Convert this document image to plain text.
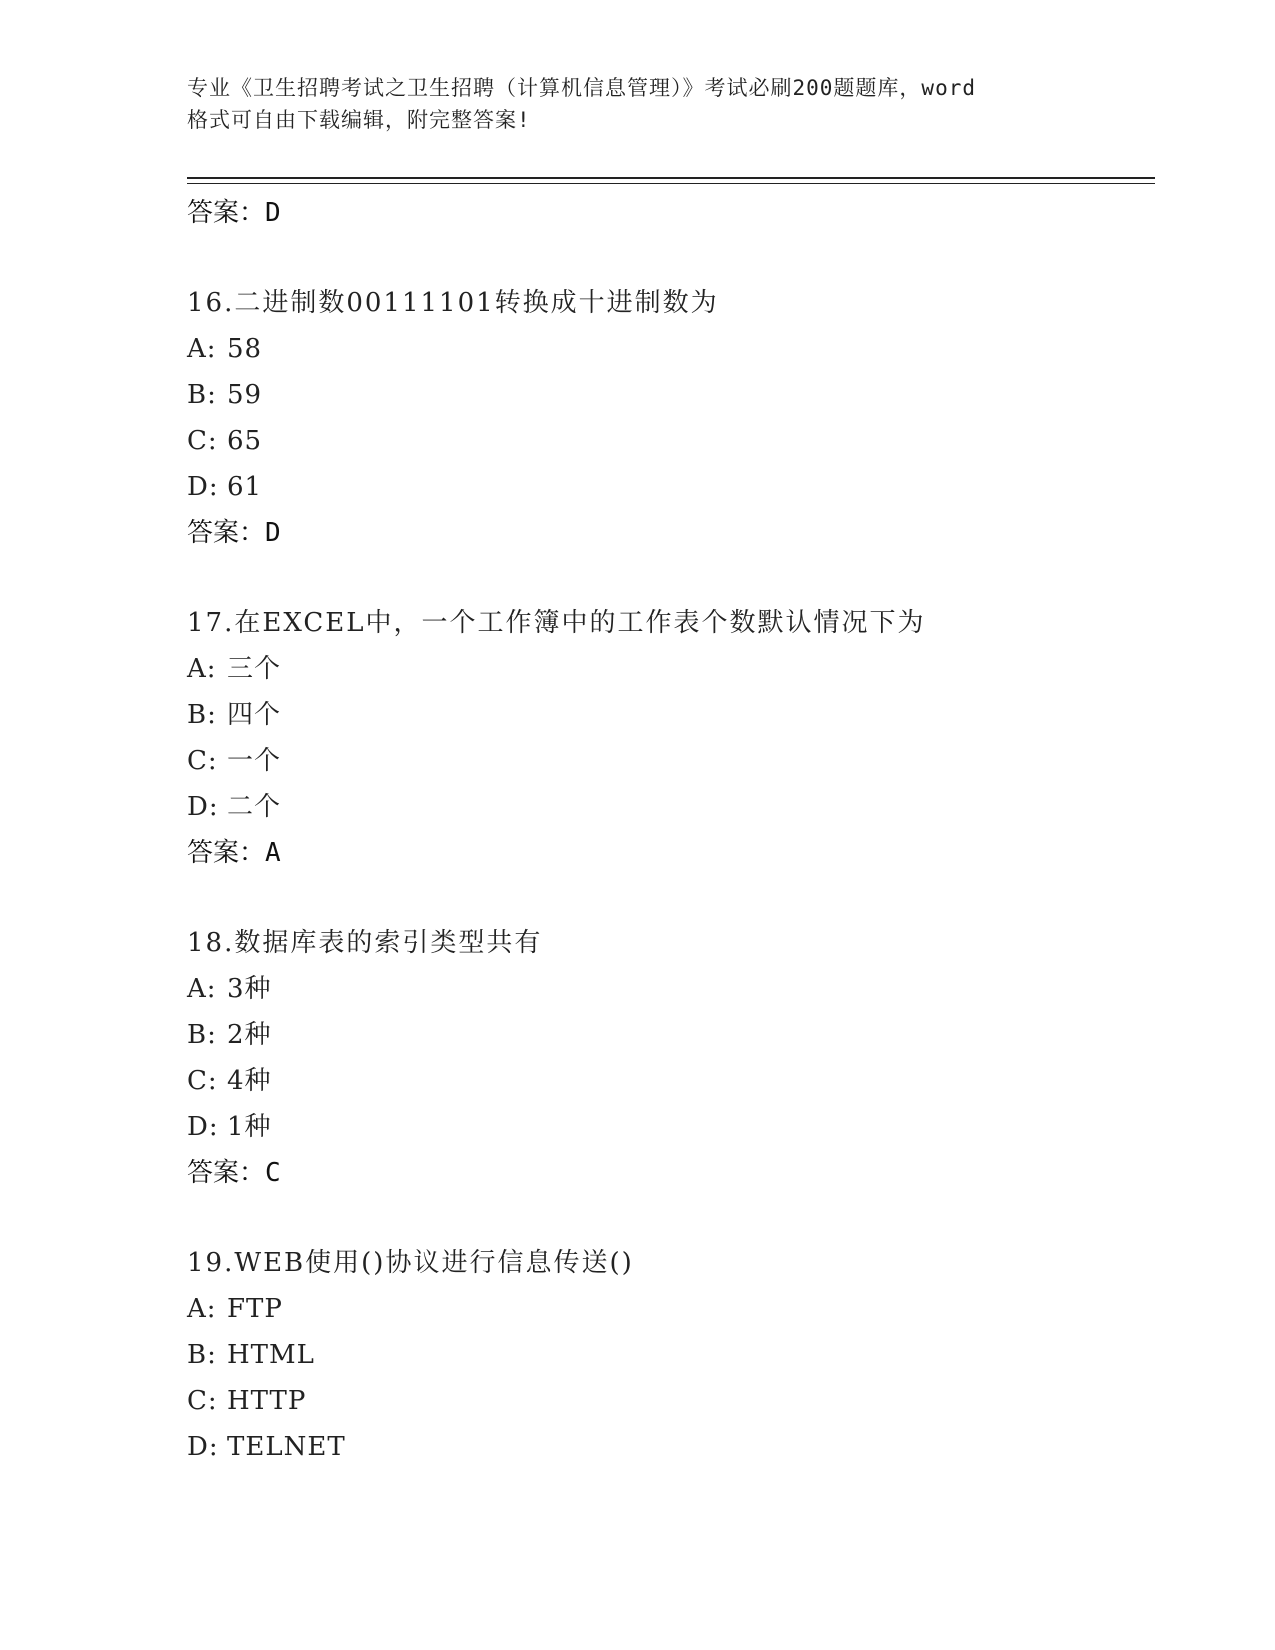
专业《卫生招聘考试之卫生招聘（计算机信息管理）》考试必刷200题题库，word
格式可自由下载编辑，附完整答案!
答案：D
16.二进制数00111101转换成十进制数为
A: 58
B: 59
C: 65
D: 61
答案：D
17.在EXCEL中，一个工作簿中的工作表个数默认情况下为
A: 三个
B: 四个
C: 一个
D: 二个
答案：A
18.数据库表的索引类型共有
A: 3种
B: 2种
C: 4种
D: 1种
答案：C
19.WEB使用()协议进行信息传送()
A: FTP
B: HTML
C: HTTP
D: TELNET
